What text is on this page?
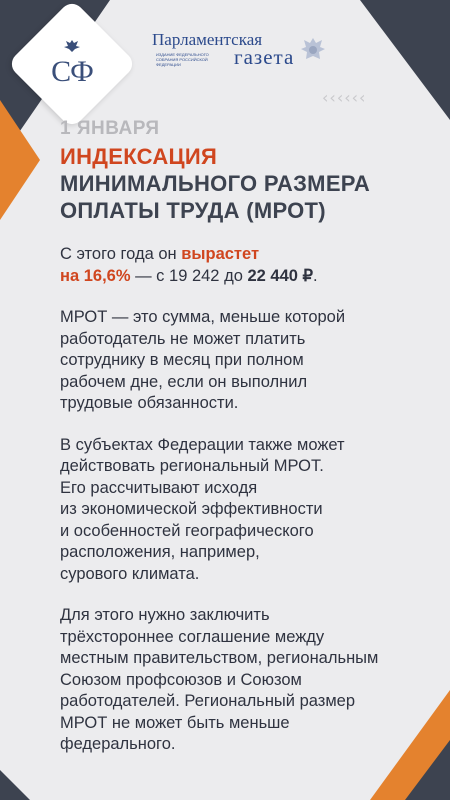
СФ
Парламентская
ИЗДАНИЕ ФЕДЕРАЛЬНОГО СОБРАНИЯ РОССИЙСКОЙ ФЕДЕРАЦИИ	газета
‹ ‹ ‹ ‹ ‹ ‹

1 ЯНВАРЯ

ИНДЕКСАЦИЯ

МИНИМАЛЬНОГО РАЗМЕРА

ОПЛАТЫ ТРУДА (МРОТ)

С этого года он вырастет
на 16,6% — с 19 242 до 22 440 ₽.

МРОТ — это сумма, меньше которой
работодатель не может платить
сотруднику в месяц при полном
рабочем дне, если он выполнил
трудовые обязанности.

В субъектах Федерации также может
действовать региональный МРОТ.
Его рассчитывают исходя
из экономической эффективности
и особенностей географического
расположения, например,
сурового климата.

Для этого нужно заключить
трёхстороннее соглашение между
местным правительством, региональным
Союзом профсоюзов и Союзом
работодателей. Региональный размер
МРОТ не может быть меньше
федерального.
